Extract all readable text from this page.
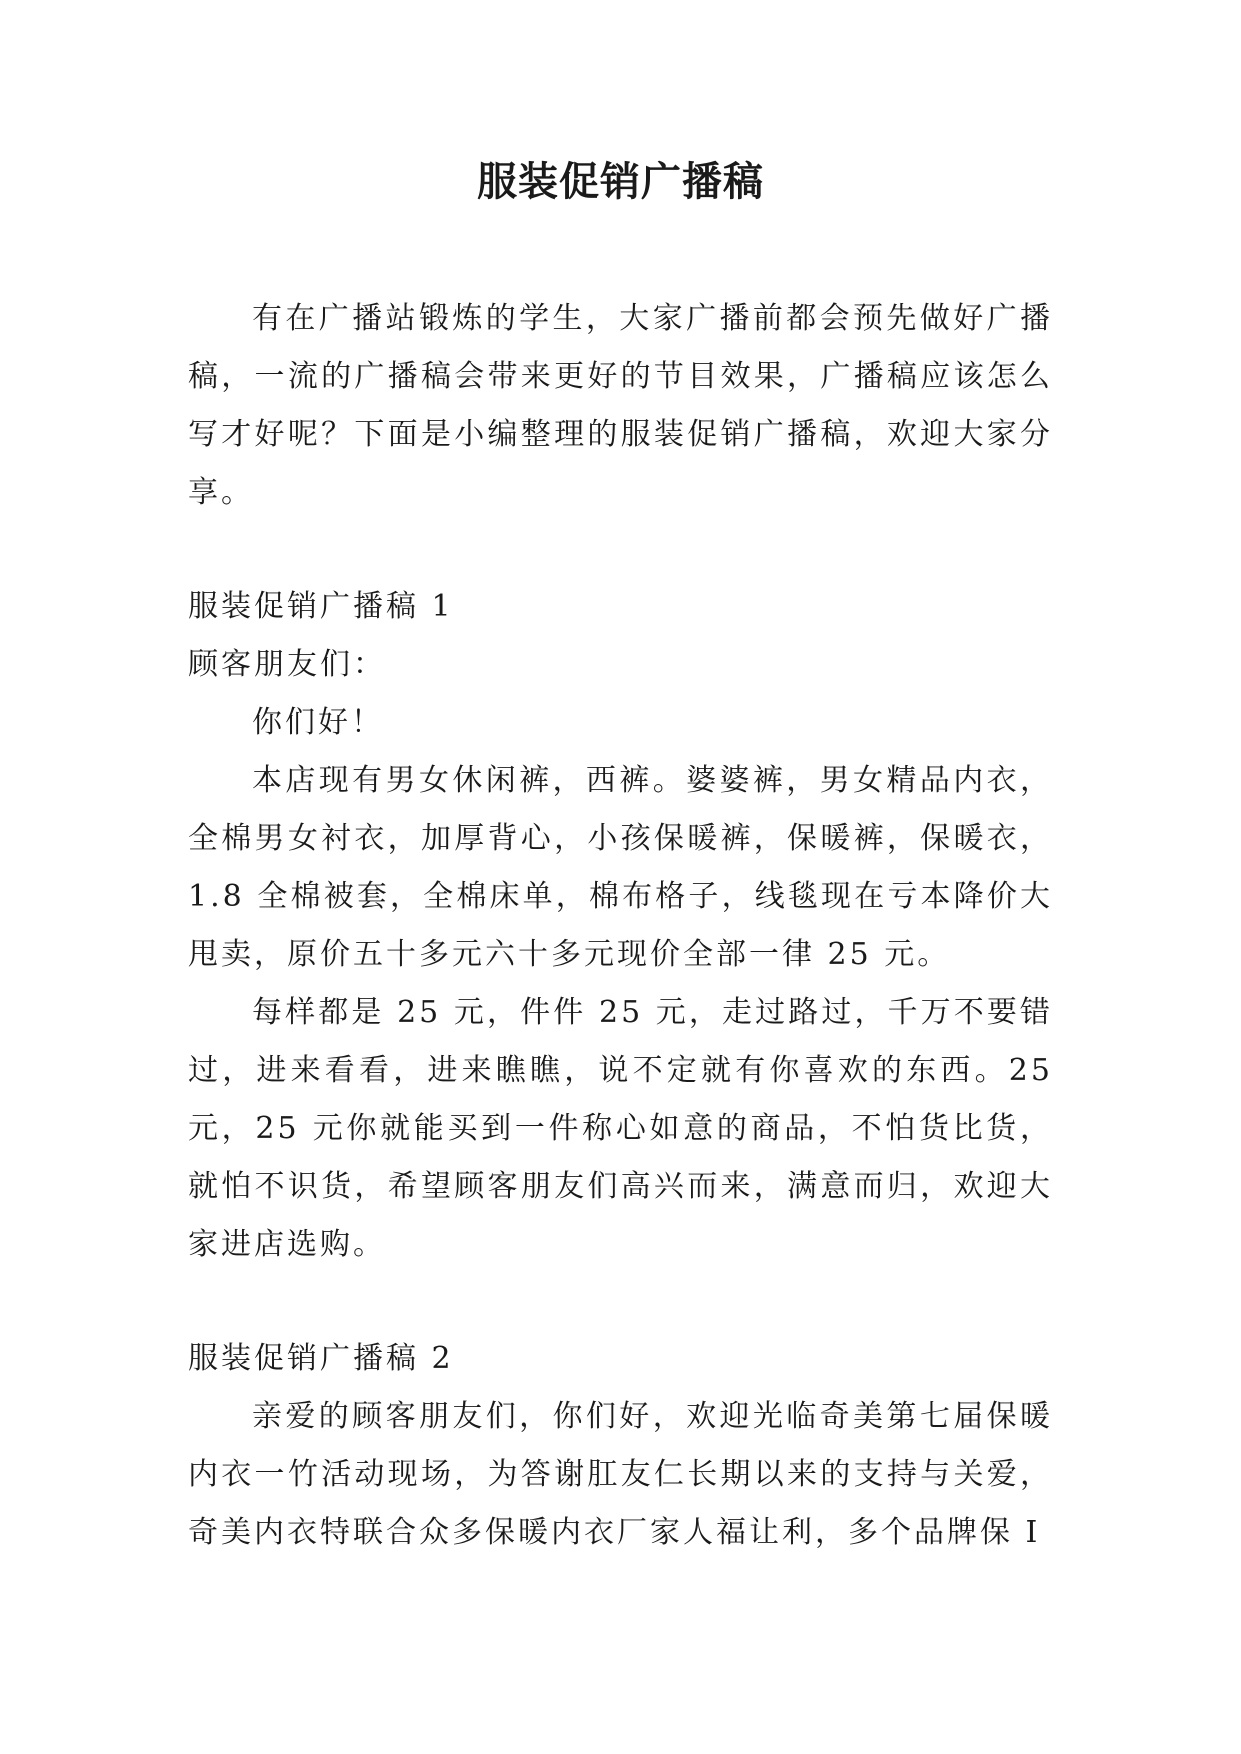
服装促销广播稿

有在广播站锻炼的学生，大家广播前都会预先做好广播稿，一流的广播稿会带来更好的节目效果，广播稿应该怎么写才好呢？下面是小编整理的服装促销广播稿，欢迎大家分享。

服装促销广播稿 1

顾客朋友们：

你们好！

本店现有男女休闲裤，西裤。婆婆裤，男女精品内衣，全棉男女衬衣，加厚背心，小孩保暖裤，保暖裤，保暖衣，1.8 全棉被套，全棉床单，棉布格子，线毯现在亏本降价大甩卖，原价五十多元六十多元现价全部一律 25 元。

每样都是 25 元，件件 25 元，走过路过，千万不要错过，进来看看，进来瞧瞧，说不定就有你喜欢的东西。25 元，25 元你就能买到一件称心如意的商品，不怕货比货，就怕不识货，希望顾客朋友们高兴而来，满意而归，欢迎大家进店选购。

服装促销广播稿 2

亲爱的顾客朋友们，你们好，欢迎光临奇美第七届保暖内衣一竹活动现场，为答谢肛友仁长期以来的支持与关爱，奇美内衣特联合众多保暖内衣厂家人福让利，多个品牌保 I
